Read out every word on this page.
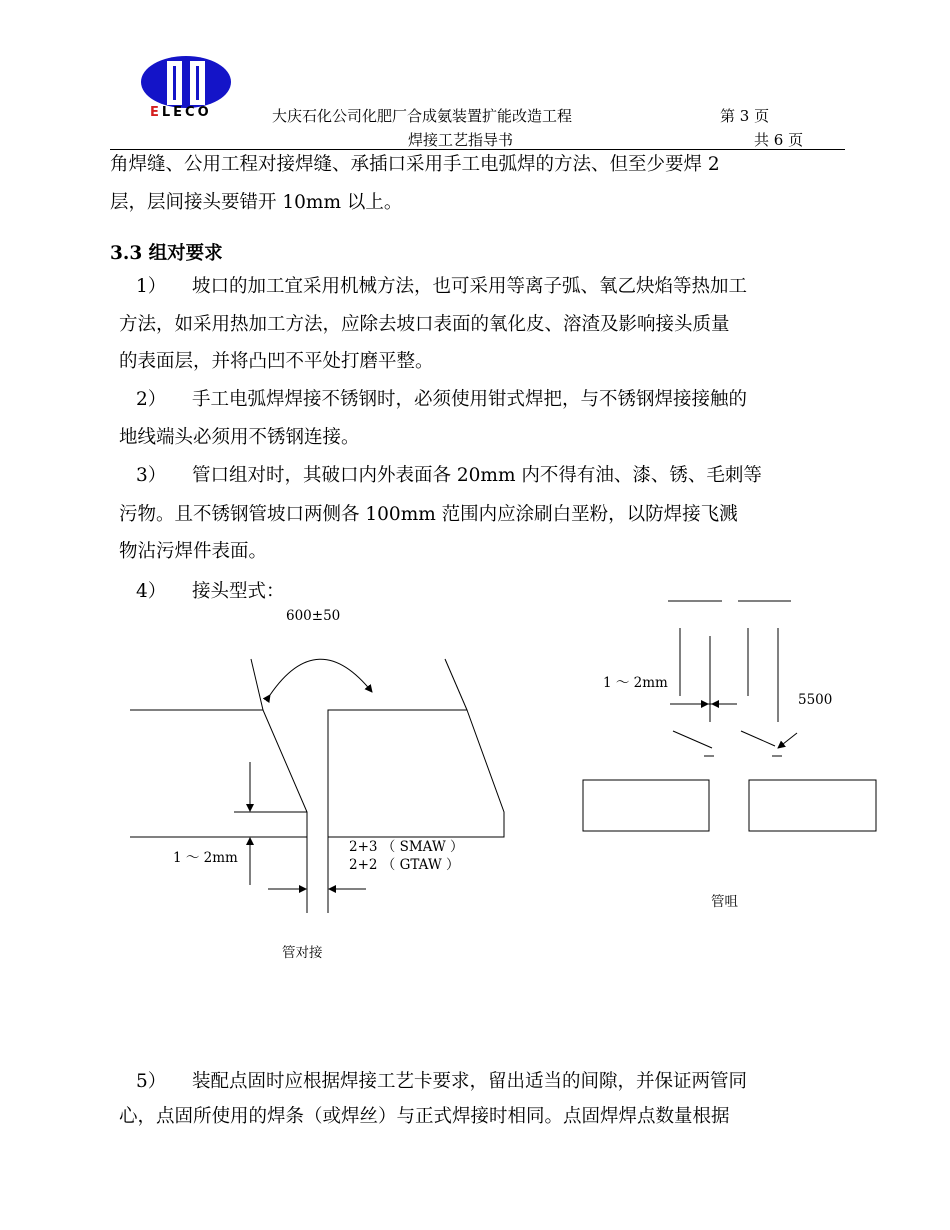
ELECO	大庆石化公司化肥厂合成氨装置扩能改造工程	第 3 页
焊接工艺指导书	共 6 页
角焊缝、公用工程对接焊缝、承插口采用手工电弧焊的方法、但至少要焊 2
层，层间接头要错开 10mm 以上。
3.3 组对要求
1） 坡口的加工宜采用机械方法，也可采用等离子弧、氧乙炔焰等热加工
方法，如采用热加工方法，应除去坡口表面的氧化皮、溶渣及影响接头质量
的表面层，并将凸凹不平处打磨平整。
2） 手工电弧焊焊接不锈钢时，必须使用钳式焊把，与不锈钢焊接接触的
地线端头必须用不锈钢连接。
3） 管口组对时，其破口内外表面各 20mm 内不得有油、漆、锈、毛刺等
污物。且不锈钢管坡口两侧各 100mm 范围内应涂刷白垩粉，以防焊接飞溅
物沾污焊件表面。
4） 接头型式：
600±50
1 ～ 2mm
2+3 （ SMAW ）
2+2 （ GTAW ）
管对接
1 ～ 2mm
5500
管咀
5） 装配点固时应根据焊接工艺卡要求，留出适当的间隙，并保证两管同
心，点固所使用的焊条（或焊丝）与正式焊接时相同。点固焊焊点数量根据
